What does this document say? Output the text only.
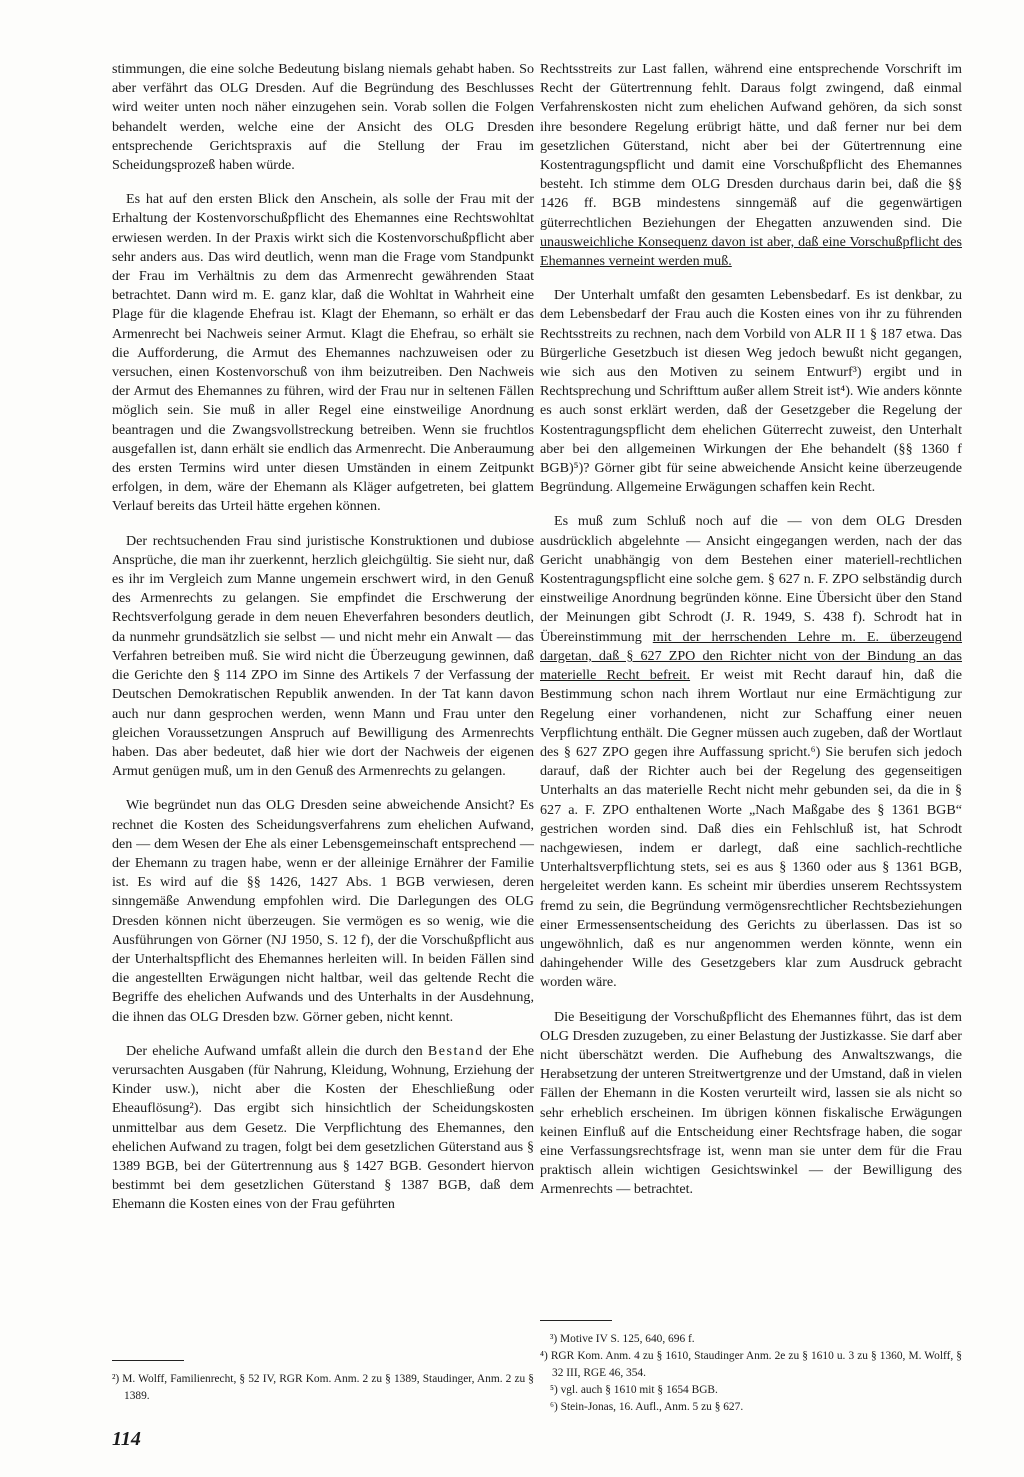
stimmungen, die eine solche Bedeutung bislang niemals gehabt haben. So aber verfährt das OLG Dresden. Auf die Begründung des Beschlusses wird weiter unten noch näher einzugehen sein. Vorab sollen die Folgen behandelt werden, welche eine der Ansicht des OLG Dresden entsprechende Gerichtspraxis auf die Stellung der Frau im Scheidungsprozeß haben würde.

Es hat auf den ersten Blick den Anschein, als solle der Frau mit der Erhaltung der Kostenvorschußpflicht des Ehemannes eine Rechtswohltat erwiesen werden. In der Praxis wirkt sich die Kostenvorschußpflicht aber sehr anders aus. Das wird deutlich, wenn man die Frage vom Standpunkt der Frau im Verhältnis zu dem das Armenrecht gewährenden Staat betrachtet. Dann wird m. E. ganz klar, daß die Wohltat in Wahrheit eine Plage für die klagende Ehefrau ist. Klagt der Ehemann, so erhält er das Armenrecht bei Nachweis seiner Armut. Klagt die Ehefrau, so erhält sie die Aufforderung, die Armut des Ehemannes nachzuweisen oder zu versuchen, einen Kostenvorschuß von ihm beizutreiben. Den Nachweis der Armut des Ehemannes zu führen, wird der Frau nur in seltenen Fällen möglich sein. Sie muß in aller Regel eine einstweilige Anordnung beantragen und die Zwangsvollstreckung betreiben. Wenn sie fruchtlos ausgefallen ist, dann erhält sie endlich das Armenrecht. Die Anberaumung des ersten Termins wird unter diesen Umständen in einem Zeitpunkt erfolgen, in dem, wäre der Ehemann als Kläger aufgetreten, bei glattem Verlauf bereits das Urteil hätte ergehen können.

Der rechtsuchenden Frau sind juristische Konstruktionen und dubiose Ansprüche, die man ihr zuerkennt, herzlich gleichgültig. Sie sieht nur, daß es ihr im Vergleich zum Manne ungemein erschwert wird, in den Genuß des Armenrechts zu gelangen. Sie empfindet die Erschwerung der Rechtsverfolgung gerade in dem neuen Eheverfahren besonders deutlich, da nunmehr grundsätzlich sie selbst — und nicht mehr ein Anwalt — das Verfahren betreiben muß. Sie wird nicht die Überzeugung gewinnen, daß die Gerichte den § 114 ZPO im Sinne des Artikels 7 der Verfassung der Deutschen Demokratischen Republik anwenden. In der Tat kann davon auch nur dann gesprochen werden, wenn Mann und Frau unter den gleichen Voraussetzungen Anspruch auf Bewilligung des Armenrechts haben. Das aber bedeutet, daß hier wie dort der Nachweis der eigenen Armut genügen muß, um in den Genuß des Armenrechts zu gelangen.

Wie begründet nun das OLG Dresden seine abweichende Ansicht? Es rechnet die Kosten des Scheidungsverfahrens zum ehelichen Aufwand, den — dem Wesen der Ehe als einer Lebensgemeinschaft entsprechend — der Ehemann zu tragen habe, wenn er der alleinige Ernährer der Familie ist. Es wird auf die §§ 1426, 1427 Abs. 1 BGB verwiesen, deren sinngemäße Anwendung empfohlen wird. Die Darlegungen des OLG Dresden können nicht überzeugen. Sie vermögen es so wenig, wie die Ausführungen von Görner (NJ 1950, S. 12 f), der die Vorschußpflicht aus der Unterhaltspflicht des Ehemannes herleiten will. In beiden Fällen sind die angestellten Erwägungen nicht haltbar, weil das geltende Recht die Begriffe des ehelichen Aufwands und des Unterhalts in der Ausdehnung, die ihnen das OLG Dresden bzw. Görner geben, nicht kennt.

Der eheliche Aufwand umfaßt allein die durch den Bestand der Ehe verursachten Ausgaben (für Nahrung, Kleidung, Wohnung, Erziehung der Kinder usw.), nicht aber die Kosten der Eheschließung oder Eheauflösung²). Das ergibt sich hinsichtlich der Scheidungskosten unmittelbar aus dem Gesetz. Die Verpflichtung des Ehemannes, den ehelichen Aufwand zu tragen, folgt bei dem gesetzlichen Güterstand aus § 1389 BGB, bei der Gütertrennung aus § 1427 BGB. Gesondert hiervon bestimmt bei dem gesetzlichen Güterstand § 1387 BGB, daß dem Ehemann die Kosten eines von der Frau geführten

Rechtsstreits zur Last fallen, während eine entsprechende Vorschrift im Recht der Gütertrennung fehlt. Daraus folgt zwingend, daß einmal Verfahrenskosten nicht zum ehelichen Aufwand gehören, da sich sonst ihre besondere Regelung erübrigt hätte, und daß ferner nur bei dem gesetzlichen Güterstand, nicht aber bei der Gütertrennung eine Kostentragungspflicht und damit eine Vorschußpflicht des Ehemannes besteht. Ich stimme dem OLG Dresden durchaus darin bei, daß die §§ 1426 ff. BGB mindestens sinngemäß auf die gegenwärtigen güterrechtlichen Beziehungen der Ehegatten anzuwenden sind. Die unausweichliche Konsequenz davon ist aber, daß eine Vorschußpflicht des Ehemannes verneint werden muß.

Der Unterhalt umfaßt den gesamten Lebensbedarf. Es ist denkbar, zu dem Lebensbedarf der Frau auch die Kosten eines von ihr zu führenden Rechtsstreits zu rechnen, nach dem Vorbild von ALR II 1 § 187 etwa. Das Bürgerliche Gesetzbuch ist diesen Weg jedoch bewußt nicht gegangen, wie sich aus den Motiven zu seinem Entwurf³) ergibt und in Rechtsprechung und Schrifttum außer allem Streit ist⁴). Wie anders könnte es auch sonst erklärt werden, daß der Gesetzgeber die Regelung der Kostentragungspflicht dem ehelichen Güterrecht zuweist, den Unterhalt aber bei den allgemeinen Wirkungen der Ehe behandelt (§§ 1360 f BGB)⁵)? Görner gibt für seine abweichende Ansicht keine überzeugende Begründung. Allgemeine Erwägungen schaffen kein Recht.

Es muß zum Schluß noch auf die — von dem OLG Dresden ausdrücklich abgelehnte — Ansicht eingegangen werden, nach der das Gericht unabhängig von dem Bestehen einer materiell-rechtlichen Kostentragungspflicht eine solche gem. § 627 n. F. ZPO selbständig durch einstweilige Anordnung begründen könne. Eine Übersicht über den Stand der Meinungen gibt Schrodt (J. R. 1949, S. 438 f). Schrodt hat in Übereinstimmung mit der herrschenden Lehre m. E. überzeugend dargetan, daß § 627 ZPO den Richter nicht von der Bindung an das materielle Recht befreit. Er weist mit Recht darauf hin, daß die Bestimmung schon nach ihrem Wortlaut nur eine Ermächtigung zur Regelung einer vorhandenen, nicht zur Schaffung einer neuen Verpflichtung enthält. Die Gegner müssen auch zugeben, daß der Wortlaut des § 627 ZPO gegen ihre Auffassung spricht.⁶) Sie berufen sich jedoch darauf, daß der Richter auch bei der Regelung des gegenseitigen Unterhalts an das materielle Recht nicht mehr gebunden sei, da die in § 627 a. F. ZPO enthaltenen Worte „Nach Maßgabe des § 1361 BGB“ gestrichen worden sind. Daß dies ein Fehlschluß ist, hat Schrodt nachgewiesen, indem er darlegt, daß eine sachlich-rechtliche Unterhaltsverpflichtung stets, sei es aus § 1360 oder aus § 1361 BGB, hergeleitet werden kann. Es scheint mir überdies unserem Rechtssystem fremd zu sein, die Begründung vermögensrechtlicher Rechtsbeziehungen einer Ermessensentscheidung des Gerichts zu überlassen. Das ist so ungewöhnlich, daß es nur angenommen werden könnte, wenn ein dahingehender Wille des Gesetzgebers klar zum Ausdruck gebracht worden wäre.

Die Beseitigung der Vorschußpflicht des Ehemannes führt, das ist dem OLG Dresden zuzugeben, zu einer Belastung der Justizkasse. Sie darf aber nicht überschätzt werden. Die Aufhebung des Anwaltszwangs, die Herabsetzung der unteren Streitwertgrenze und der Umstand, daß in vielen Fällen der Ehemann in die Kosten verurteilt wird, lassen sie als nicht so sehr erheblich erscheinen. Im übrigen können fiskalische Erwägungen keinen Einfluß auf die Entscheidung einer Rechtsfrage haben, die sogar eine Verfassungsrechtsfrage ist, wenn man sie unter dem für die Frau praktisch allein wichtigen Gesichtswinkel — der Bewilligung des Armenrechts — betrachtet.

²) M. Wolff, Familienrecht, § 52 IV, RGR Kom. Anm. 2 zu § 1389, Staudinger, Anm. 2 zu § 1389.

³) Motive IV S. 125, 640, 696 f.

⁴) RGR Kom. Anm. 4 zu § 1610, Staudinger Anm. 2e zu § 1610 u. 3 zu § 1360, M. Wolff, § 32 III, RGE 46, 354.

⁵) vgl. auch § 1610 mit § 1654 BGB.

⁶) Stein-Jonas, 16. Aufl., Anm. 5 zu § 627.

114
